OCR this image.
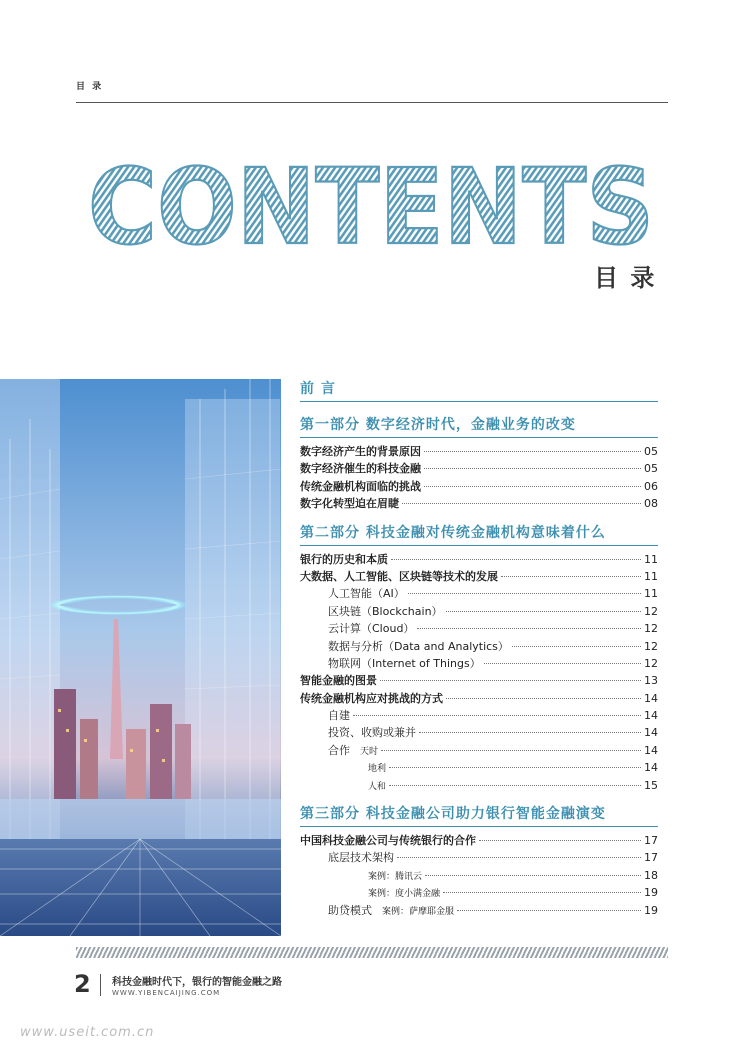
目 录
CONTENTS
目 录
前 言
第一部分 数字经济时代，金融业务的改变
数字经济产生的背景原因	05
数字经济催生的科技金融	05
传统金融机构面临的挑战	06
数字化转型迫在眉睫	08
第二部分 科技金融对传统金融机构意味着什么
银行的历史和本质	11
大数据、人工智能、区块链等技术的发展	11
人工智能（AI）	11
区块链（Blockchain）	12
云计算（Cloud）	12
数据与分析（Data and Analytics）	12
物联网（Internet of Things）	12
智能金融的图景	13
传统金融机构应对挑战的方式	14
自建	14
投资、收购或兼并	14
合作 天时	14
地利	14
人和	15
第三部分 科技金融公司助力银行智能金融演变
中国科技金融公司与传统银行的合作	17
底层技术架构	17
案例：腾讯云	18
案例：度小满金融	19
助贷模式 案例：萨摩耶金服	19
2 科技金融时代下，银行的智能金融之路
WWW.YIBENCAIJING.COM
www.useit.com.cn
